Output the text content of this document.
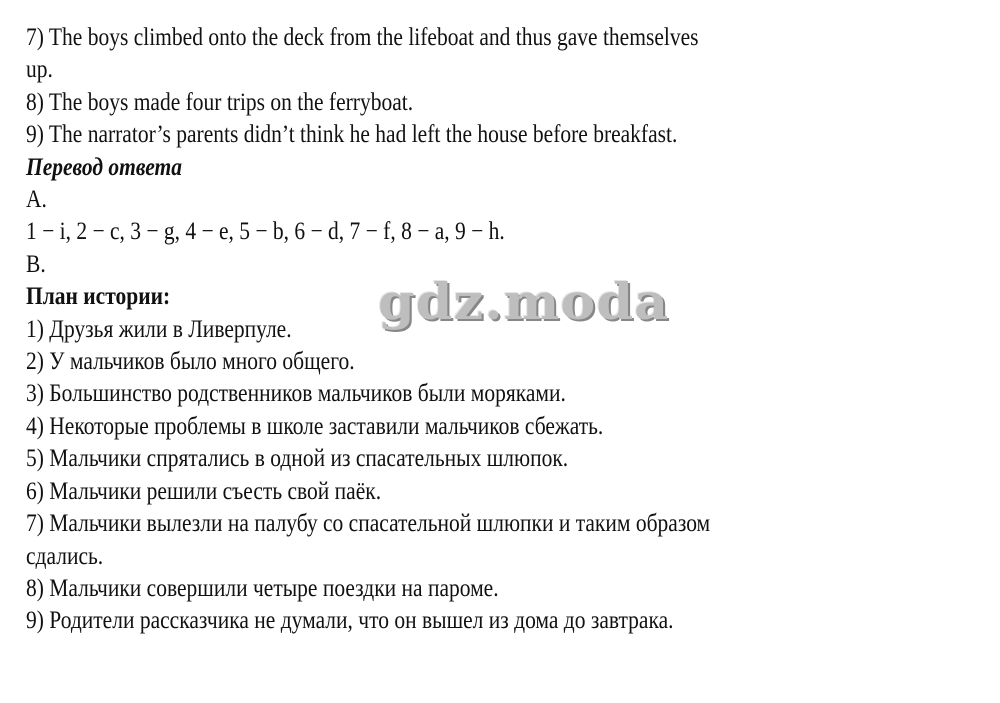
7) The boys climbed onto the deck from the lifeboat and thus gave themselves

up.

8) The boys made four trips on the ferryboat.

9) The narrator’s parents didn’t think he had left the house before breakfast.

Перевод ответа

A.

1 − i, 2 − c, 3 − g, 4 − e, 5 − b, 6 − d, 7 − f, 8 − a, 9 − h.

B.

План истории:

1) Друзья жили в Ливерпуле.

2) У мальчиков было много общего.

3) Большинство родственников мальчиков были моряками.

4) Некоторые проблемы в школе заставили мальчиков сбежать.

5) Мальчики спрятались в одной из спасательных шлюпок.

6) Мальчики решили съесть свой паёк.

7) Мальчики вылезли на палубу со спасательной шлюпки и таким образом

сдались.

8) Мальчики совершили четыре поездки на пароме.

9) Родители рассказчика не думали, что он вышел из дома до завтрака.

gdz.moda
